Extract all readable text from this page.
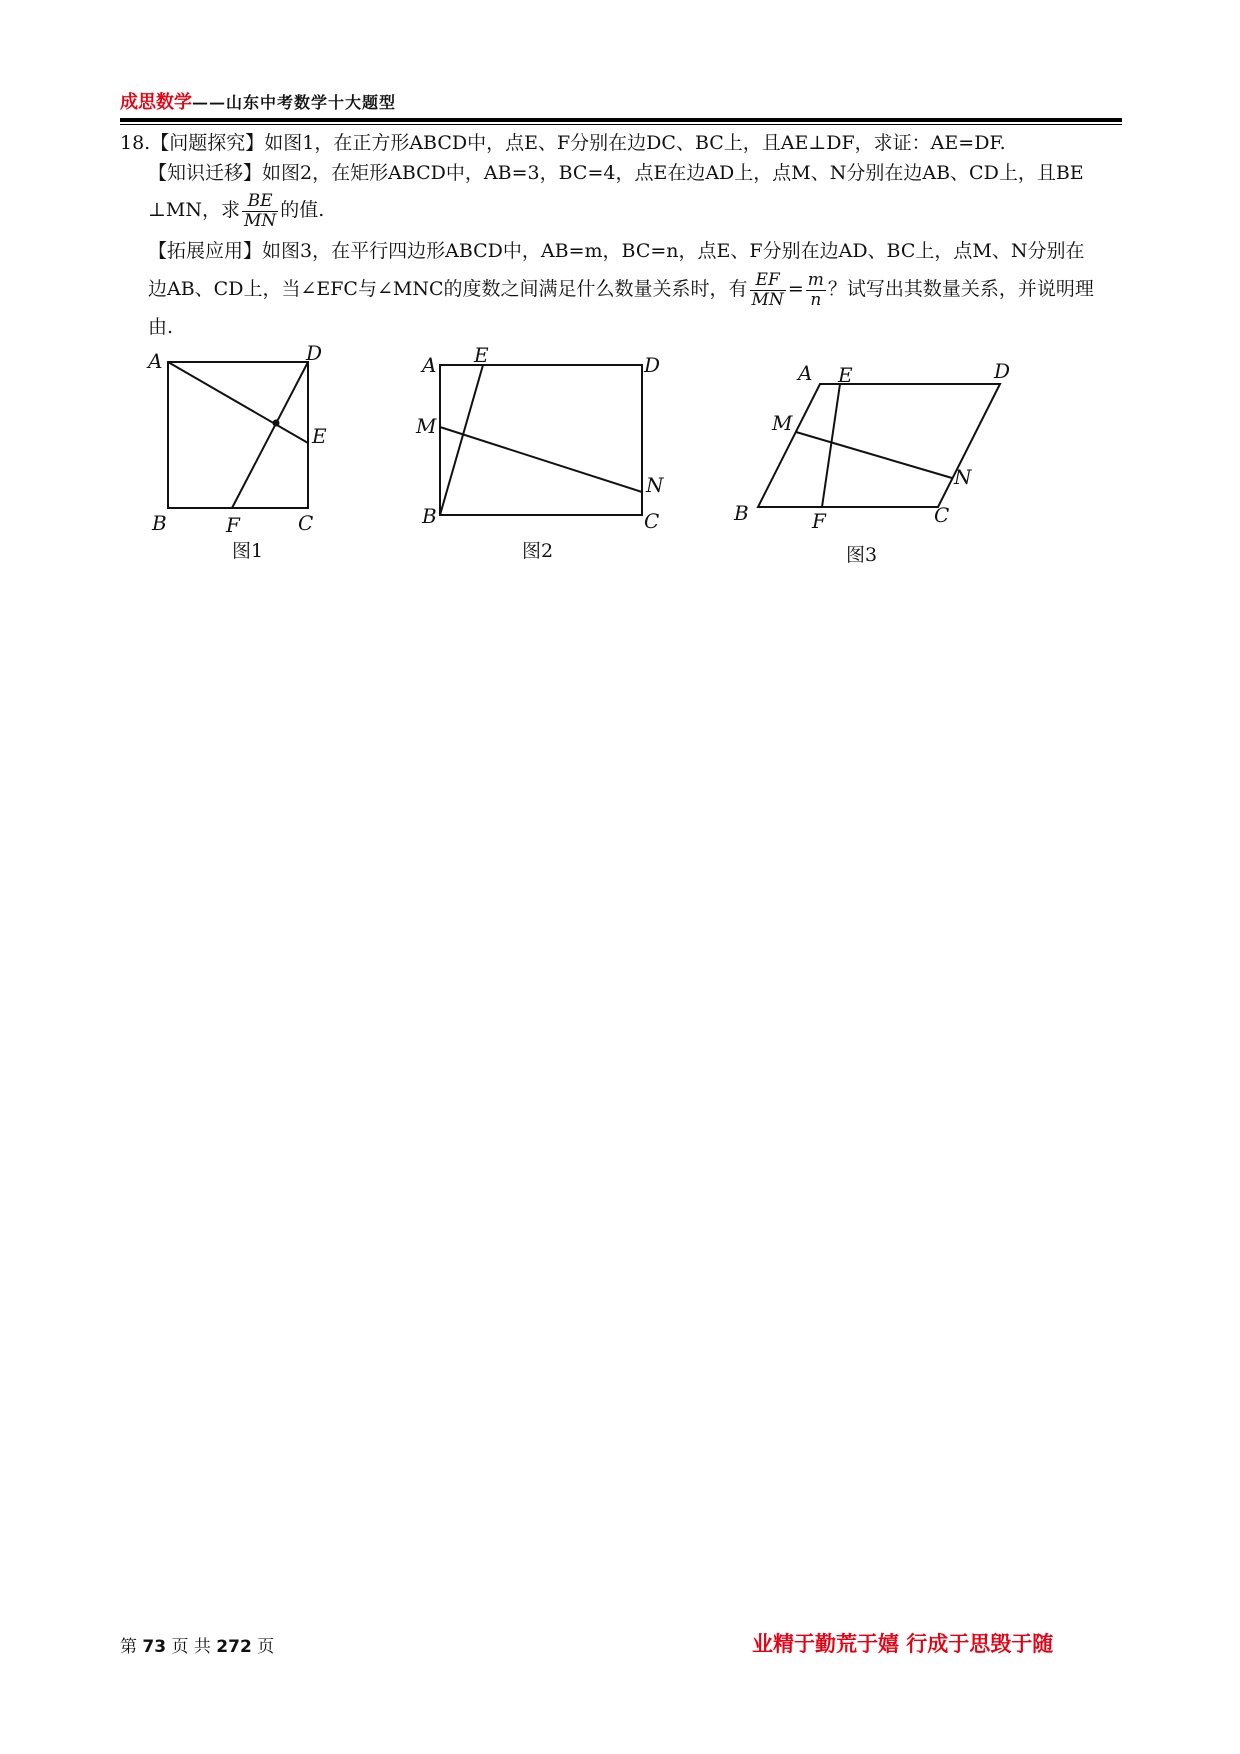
成思数学——山东中考数学十大题型

18.【问题探究】如图1，在正方形ABCD中，点E、F分别在边DC、BC上，且AE⊥DF，求证：AE=DF.

【知识迁移】如图2，在矩形ABCD中，AB=3，BC=4，点E在边AD上，点M、N分别在边AB、CD上，且BE

⊥MN，求 $\frac{BE}{MN}$ 的值.

【拓展应用】如图3，在平行四边形ABCD中，AB=m，BC=n，点E、F分别在边AD、BC上，点M、N分别在

边AB、CD上，当∠EFC与∠MNC的度数之间满足什么数量关系时，有 $\frac{EF}{MN} = \frac{m}{n}$ ？试写出其数量关系，并说明理

由.

A	D
E
B	F	C
A E	D
M
N
B	C
A E	D
M
N
B	F	C
图1	图2	图3
第 73 页 共 272 页	业精于勤荒于嬉 行成于思毁于随
